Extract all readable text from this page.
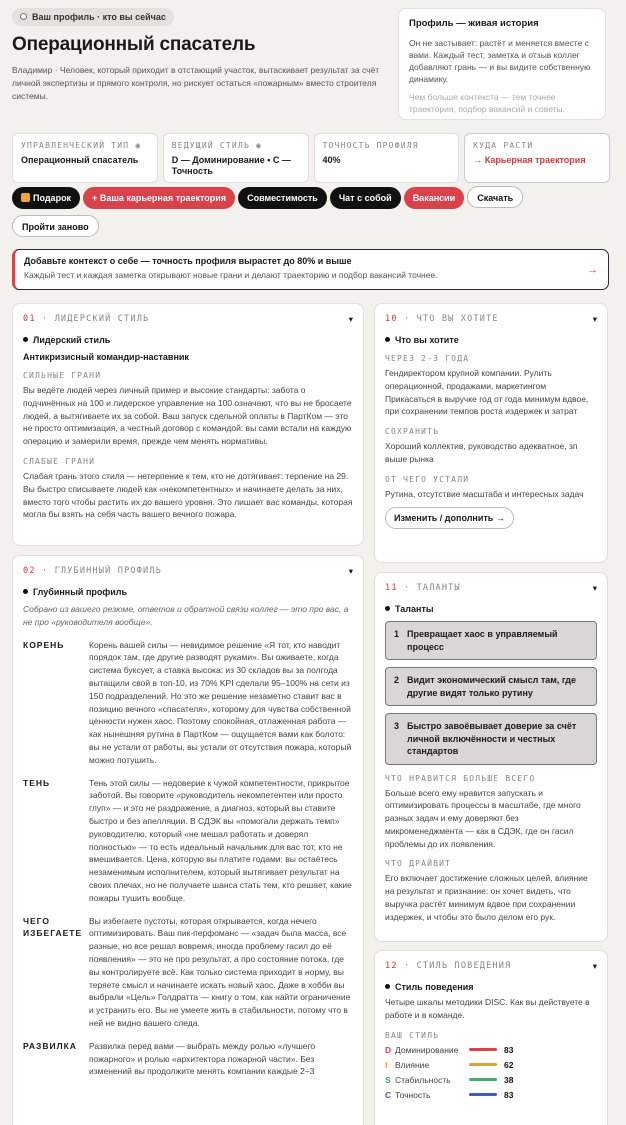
Ваш профиль · кто вы сейчас
Операционный спасатель
Владимир · Человек, который приходит в отстающий участок, вытаскивает результат за счёт личной экспертизы и прямого контроля, но рискует остаться «пожарным» вместо строителя системы.
Профиль — живая история
Он не застывает: растёт и меняется вместе с вами. Каждый тест, заметка и отзыв коллег добавляют грань — и вы видите собственную динамику.
Чем больше контекста — тем точнее траектория, подбор вакансий и советы.
УПРАВЛЕНЧЕСКИЙ ТИП ◉
Операционный спасатель
ВЕДУЩИЙ СТИЛЬ ◉
D — Доминирование • C — Точность
ТОЧНОСТЬ ПРОФИЛЯ
40%
КУДА РАСТИ
→ Карьерная траектория
Подарок + Ваша карьерная траектория Совместимость Чат с собой Вакансии Скачать
Пройти заново
Добавьте контекст о себе — точность профиля вырастет до 80% и выше
Каждый тест и каждая заметка открывают новые грани и делают траекторию и подбор вакансий точнее.	→
01 · ЛИДЕРСКИЙ СТИЛЬ	▾
Лидерский стиль
Антикризисный командир-наставник
СИЛЬНЫЕ ГРАНИ
Вы ведёте людей через личный пример и высокие стандарты: забота о подчинённых на 100 и лидерское управление на 100 означают, что вы не бросаете людей, а вытягиваете их за собой. Ваш запуск сдельной оплаты в ПартКом — это не просто оптимизация, а честный договор с командой: вы сами встали на каждую операцию и замерили время, прежде чем менять нормативы.
СЛАБЫЕ ГРАНИ
Слабая грань этого стиля — нетерпение к тем, кто не дотягивает: терпение на 29. Вы быстро списываете людей как «некомпетентных» и начинаете делать за них, вместо того чтобы растить их до вашего уровня. Это лишает вас команды, которая могла бы взять на себя часть вашего вечного пожара.
02 · ГЛУБИННЫЙ ПРОФИЛЬ	▾
Глубинный профиль
Собрано из вашего резюме, ответов и обратной связи коллег — это про вас, а не про «руководителя вообще».
КОРЕНЬ	Корень вашей силы — невидимое решение «Я тот, кто наводит порядок там, где другие разводят руками». Вы оживаете, когда система буксует, а ставка высока: из 30 складов вы за полгода вытащили свой в топ-10, из 70% KPI сделали 95–100% на сети из 150 подразделений. Но это же решение незаметно ставит вас в позицию вечного «спасателя», которому для чувства собственной ценности нужен хаос. Поэтому спокойная, отлаженная работа — как нынешняя рутина в ПартКом — ощущается вами как болото: вы не устали от работы, вы устали от отсутствия пожара, который можно потушить.
ТЕНЬ	Тень этой силы — недоверие к чужой компетентности, прикрытое заботой. Вы говорите «руководитель некомпетентен или просто глуп» — и это не раздражение, а диагноз, который вы ставите быстро и без апелляции. В СДЭК вы «помогали держать темп» руководителю, который «не мешал работать и доверял полностью» — то есть идеальный начальник для вас тот, кто не вмешивается. Цена, которую вы платите годами: вы остаётесь незаменимым исполнителем, который вытягивает результат на своих плечах, но не получаете шанса стать тем, кто решает, какие пожары тушить вообще.
ЧЕГО ИЗБЕГАЕТЕ
Вы избегаете пустоты, которая открывается, когда нечего оптимизировать. Ваш пик-перфоманс — «задач была масса, все разные, но все решал вовремя, иногда проблему гасил до её появления» — это не про результат, а про состояние потока, где вы контролируете всё. Как только система приходит в норму, вы теряете смысл и начинаете искать новый хаос. Даже в хобби вы выбрали «Цель» Голдратта — книгу о том, как найти ограничение и устранить его. Вы не умеете жить в стабильности, потому что в ней не видно вашего следа.
РАЗВИЛКА	Развилка перед вами — выбрать между ролью «лучшего пожарного» и ролью «архитектора пожарной части». Без изменений вы продолжите менять компании каждые 2–3
10 · ЧТО ВЫ ХОТИТЕ	▾
Что вы хотите
ЧЕРЕЗ 2-3 ГОДА
Гендиректором крупной компании. Рулить операционной, продажами, маркетингом Прикасаться в выручке год от года минимум вдвое, при сохранении темпов роста издержек и затрат
СОХРАНИТЬ
Хороший коллектив, руководство адекватное, зп выше рынка
ОТ ЧЕГО УСТАЛИ
Рутина, отсутствие масштаба и интересных задач
Изменить / дополнить →
11 · ТАЛАНТЫ	▾
Таланты
1 Превращает хаос в управляемый процесс
2 Видит экономический смысл там, где другие видят только рутину
3 Быстро завоёвывает доверие за счёт личной включённости и честных стандартов
ЧТО НРАВИТСЯ БОЛЬШЕ ВСЕГО
Больше всего ему нравится запускать и оптимизировать процессы в масштабе, где много разных задач и ему доверяют без микроменеджмента — как в СДЭК, где он гасил проблемы до их появления.
ЧТО ДРАЙВИТ
Его включает достижение сложных целей, влияние на результат и признание: он хочет видеть, что выручка растёт минимум вдвое при сохранении издержек, и чтобы это было делом его рук.
12 · СТИЛЬ ПОВЕДЕНИЯ	▾
Стиль поведения
Четыре шкалы методики DISC. Как вы действуете в работе и в команде.
ВАШ СТИЛЬ
D Доминирование	83
I Влияние	62
S Стабильность	38
C Точность	83
